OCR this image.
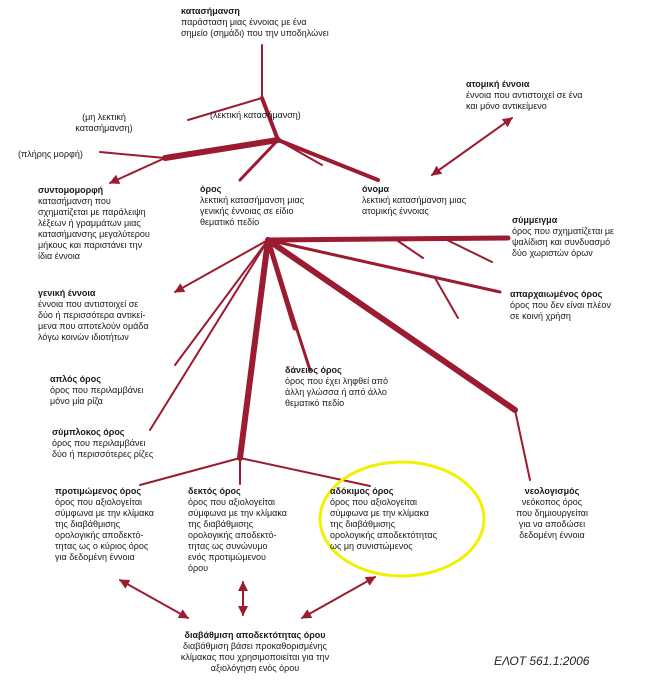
κατασήμανση
παράσταση μιας έννοιας με ένα
σημείο (σημάδι) που την υποδηλώνει
(μη λεκτική κατασήμανση)
(λεκτική κατασήμανση)
(πλήρης μορφή)
ατομική έννοια
έννοια που αντιστοιχεί σε ένα
και μόνο αντικείμενο
συντομομορφή
κατασήμανση που
σχηματίζεται με παράλειψη
λέξεων ή γραμμάτων μιας
κατασήμανσης μεγαλύτερου
μήκους και παριστάνει την
ίδια έννοια
όρος
λεκτική κατασήμανση μιας
γενικής έννοιας σε είδιο
θεματικό πεδίο
όνομα
λεκτική κατασήμανση μιας
ατομικής έννοιας
σύμμειγμα
όρος που σχηματίζεται με
ψαλίδιση και συνδυασμό
δύο χωριστών όρων
γενική έννοια
έννοια που αντιστοιχεί σε
δύο ή περισσότερα αντικεί-
μενα που αποτελούν ομάδα
λόγω κοινών ιδιοτήτων
απαρχαιωμένος όρος
όρος που δεν είναι πλέον
σε κοινή χρήση
απλός όρος
όρος που περιλαμβάνει
μόνο μία ρίζα
δάνειος όρος
όρος που έχει ληφθεί από
άλλη γλώσσα ή από άλλο
θεματικό πεδίο
σύμπλοκος όρος
όρος που περιλαμβάνει
δύο ή περισσότερες ρίζες
προτιμώμενος όρος
όρος που αξιολογείται
σύμφωνα με την κλίμακα
της διαβάθμισης
ορολογικής αποδεκτό-
τητας ως ο κύριος όρος
για δεδομένη έννοια
δεκτός όρος
όρος που αξιολογείται
σύμφωνα με την κλίμακα
της διαβάθμισης
ορολογικής αποδεκτό-
τητας ως συνώνυμο
ενός προτιμώμενου
όρου
αδόκιμος όρος
όρος που αξιολογείται
σύμφωνα με την κλίμακα
της διαβάθμισης
ορολογικής αποδεκτότητας
ως μη συνιστώμενος
νεολογισμός
νεόκοπος όρος
που δημιουργείται
για να αποδώσει
δεδομένη έννοια
διαβάθμιση αποδεκτότητας όρου
διαβάθμιση βάσει προκαθορισμένης
κλίμακας που χρησιμοποιείται για την
αξιολόγηση ενός όρου	ΕΛΟΤ 561.1:2006
